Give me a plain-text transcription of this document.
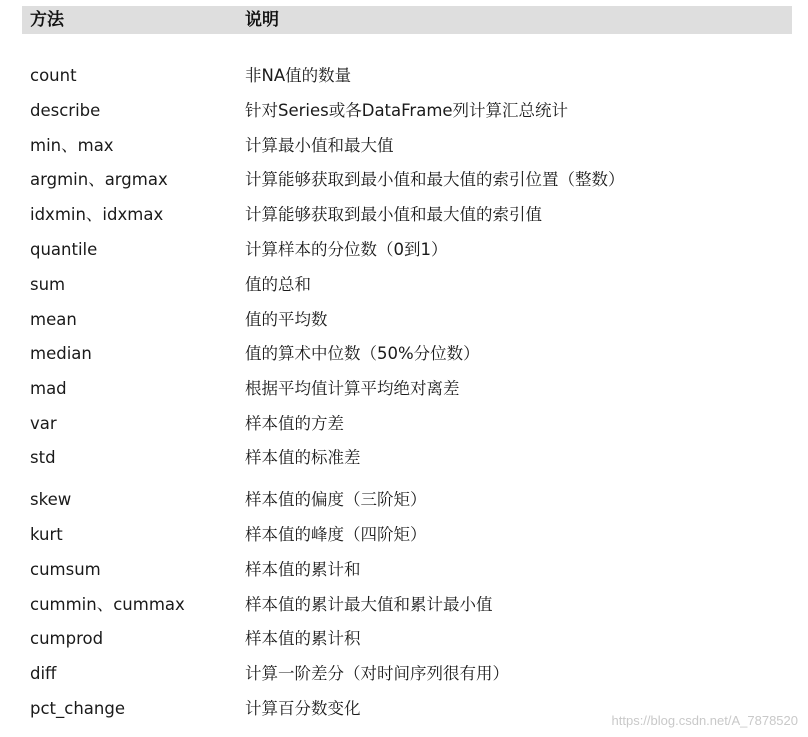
方法	说明
count	非NA值的数量
describe	针对Series或各DataFrame列计算汇总统计
min、max	计算最小值和最大值
argmin、argmax	计算能够获取到最小值和最大值的索引位置（整数）
idxmin、idxmax	计算能够获取到最小值和最大值的索引值
quantile	计算样本的分位数（0到1）
sum	值的总和
mean	值的平均数
median	值的算术中位数（50%分位数）
mad	根据平均值计算平均绝对离差
var	样本值的方差
std	样本值的标准差
skew	样本值的偏度（三阶矩）
kurt	样本值的峰度（四阶矩）
cumsum	样本值的累计和
cummin、cummax	样本值的累计最大值和累计最小值
cumprod	样本值的累计积
diff	计算一阶差分（对时间序列很有用）
pct_change	计算百分数变化
https://blog.csdn.net/A_7878520
